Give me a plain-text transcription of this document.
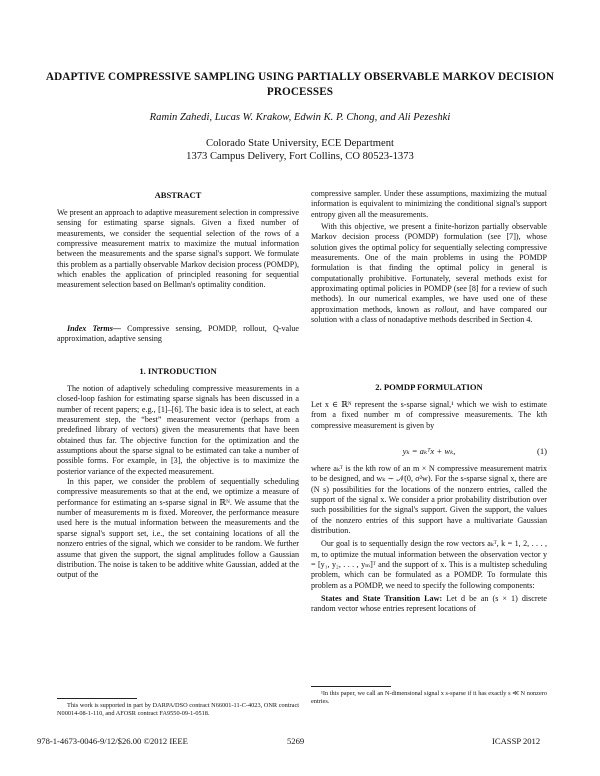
ADAPTIVE COMPRESSIVE SAMPLING USING PARTIALLY OBSERVABLE MARKOV DECISION PROCESSES
Ramin Zahedi, Lucas W. Krakow, Edwin K. P. Chong, and Ali Pezeshki
Colorado State University, ECE Department
1373 Campus Delivery, Fort Collins, CO 80523-1373
ABSTRACT

We present an approach to adaptive measurement selection in compressive sensing for estimating sparse signals. Given a fixed number of measurements, we consider the sequential selection of the rows of a compressive measurement matrix to maximize the mutual information between the measurements and the sparse signal's support. We formulate this problem as a partially observable Markov decision process (POMDP), which enables the application of principled reasoning for sequential measurement selection based on Bellman's optimality condition.

Index Terms— Compressive sensing, POMDP, rollout, Q-value approximation, adaptive sensing

1. INTRODUCTION

The notion of adaptively scheduling compressive measurements in a closed-loop fashion for estimating sparse signals has been discussed in a number of recent papers; e.g., [1]–[6]. The basic idea is to select, at each measurement step, the “best” measurement vector (perhaps from a predefined library of vectors) given the measurements that have been obtained thus far. The objective function for the optimization and the assumptions about the sparse signal to be estimated can take a number of possible forms. For example, in [3], the objective is to maximize the posterior variance of the expected measurement.

In this paper, we consider the problem of sequentially scheduling compressive measurements so that at the end, we optimize a measure of performance for estimating an s-sparse signal in ℝᴺ. We assume that the number of measurements m is fixed. Moreover, the performance measure used here is the mutual information between the measurements and the sparse signal's support set, i.e., the set containing locations of all the nonzero entries of the signal, which we consider to be random. We further assume that given the support, the signal amplitudes follow a Gaussian distribution. The noise is taken to be additive white Gaussian, added at the output of the

This work is supported in part by DARPA/DSO contract N66001-11-C-4023, ONR contract N00014-08-1-110, and AFOSR contract FA9550-09-1-0518.

compressive sampler. Under these assumptions, maximizing the mutual information is equivalent to minimizing the conditional signal's support entropy given all the measurements.

With this objective, we present a finite-horizon partially observable Markov decision process (POMDP) formulation (see [7]), whose solution gives the optimal policy for sequentially selecting compressive measurements. One of the main problems in using the POMDP formulation is that finding the optimal policy in general is computationally prohibitive. Fortunately, several methods exist for approximating optimal policies in POMDP (see [8] for a review of such methods). In our numerical examples, we have used one of these approximation methods, known as rollout, and have compared our solution with a class of nonadaptive methods described in Section 4.

2. POMDP FORMULATION

Let x ∈ ℝᴺ represent the s-sparse signal,¹ which we wish to estimate from a fixed number m of compressive measurements. The kth compressive measurement is given by

yₖ = aₖᵀx + wₖ,	(1)

where aₖᵀ is the kth row of an m × N compressive measurement matrix to be designed, and wₖ ∼ 𝒩(0, σ²w). For the s-sparse signal x, there are (N s) possibilities for the locations of the nonzero entries, called the support of the signal x. We consider a prior probability distribution over such possibilities for the signal's support. Given the support, the values of the nonzero entries of this support have a multivariate Gaussian distribution.

Our goal is to sequentially design the row vectors aₖᵀ, k = 1, 2, . . . , m, to optimize the mutual information between the observation vector y = [y₁, y₂, . . . , yₘ]ᵀ and the support of x. This is a multistep scheduling problem, which can be formulated as a POMDP. To formulate this problem as a POMDP, we need to specify the following components:

States and State Transition Law: Let d be an (s × 1) discrete random vector whose entries represent locations of

¹In this paper, we call an N-dimensional signal x s-sparse if it has exactly s ≪ N nonzero entries.
978-1-4673-0046-9/12/$26.00 ©2012 IEEE	5269	ICASSP 2012
